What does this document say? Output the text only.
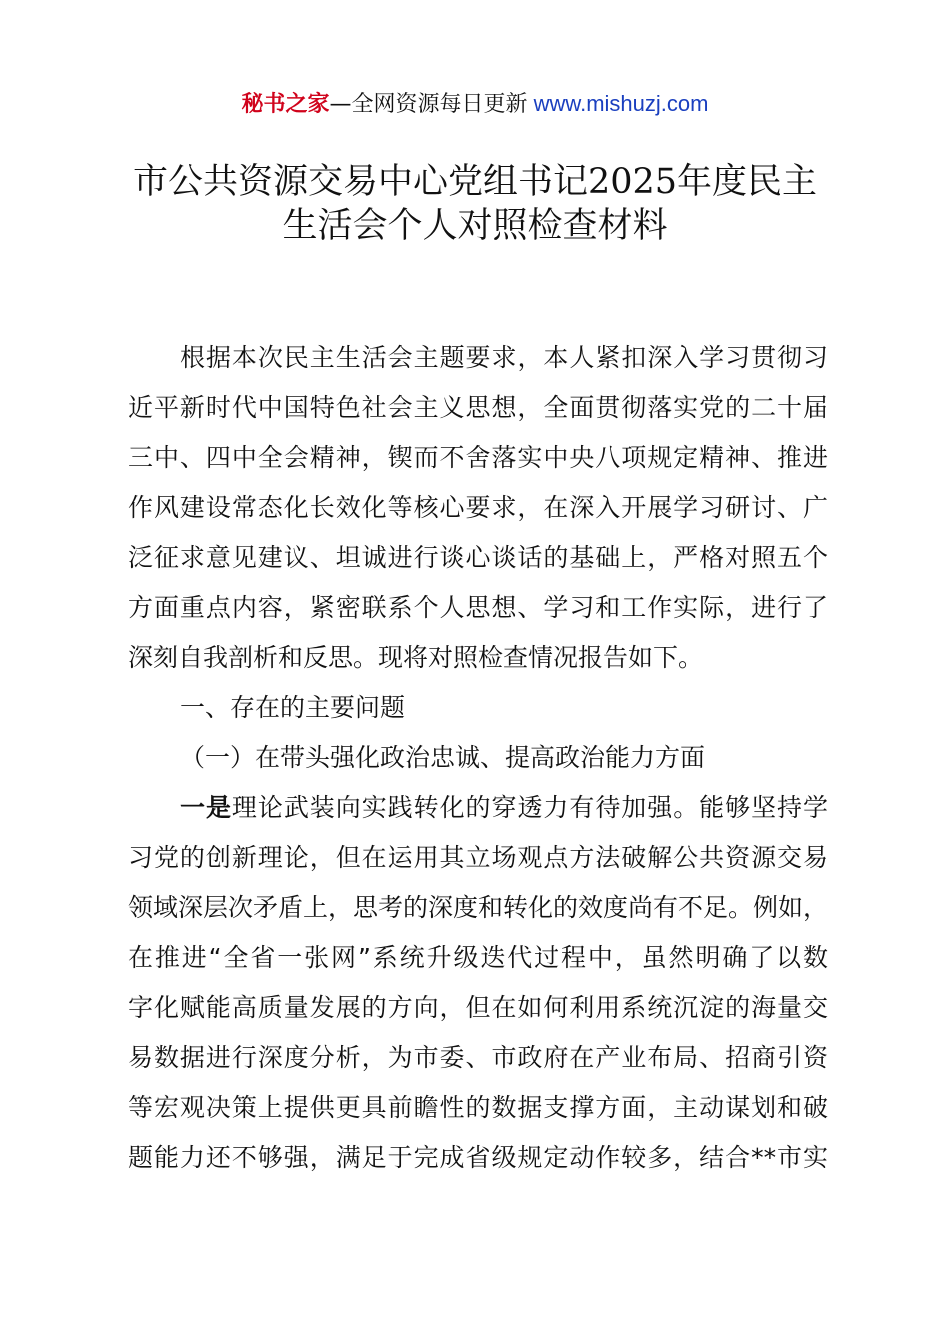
秘书之家—全网资源每日更新 www.mishuzj.com
市公共资源交易中心党组书记2025年度民主
生活会个人对照检查材料
根据本次民主生活会主题要求，本人紧扣深入学习贯彻习
近平新时代中国特色社会主义思想，全面贯彻落实党的二十届
三中、四中全会精神，锲而不舍落实中央八项规定精神、推进
作风建设常态化长效化等核心要求，在深入开展学习研讨、广
泛征求意见建议、坦诚进行谈心谈话的基础上，严格对照五个
方面重点内容，紧密联系个人思想、学习和工作实际，进行了
深刻自我剖析和反思。现将对照检查情况报告如下。
一、存在的主要问题
（一）在带头强化政治忠诚、提高政治能力方面
一是理论武装向实践转化的穿透力有待加强。能够坚持学
习党的创新理论，但在运用其立场观点方法破解公共资源交易
领域深层次矛盾上，思考的深度和转化的效度尚有不足。例如，
在推进“全省一张网”系统升级迭代过程中，虽然明确了以数
字化赋能高质量发展的方向，但在如何利用系统沉淀的海量交
易数据进行深度分析，为市委、市政府在产业布局、招商引资
等宏观决策上提供更具前瞻性的数据支撑方面，主动谋划和破
题能力还不够强，满足于完成省级规定动作较多，结合**市实
